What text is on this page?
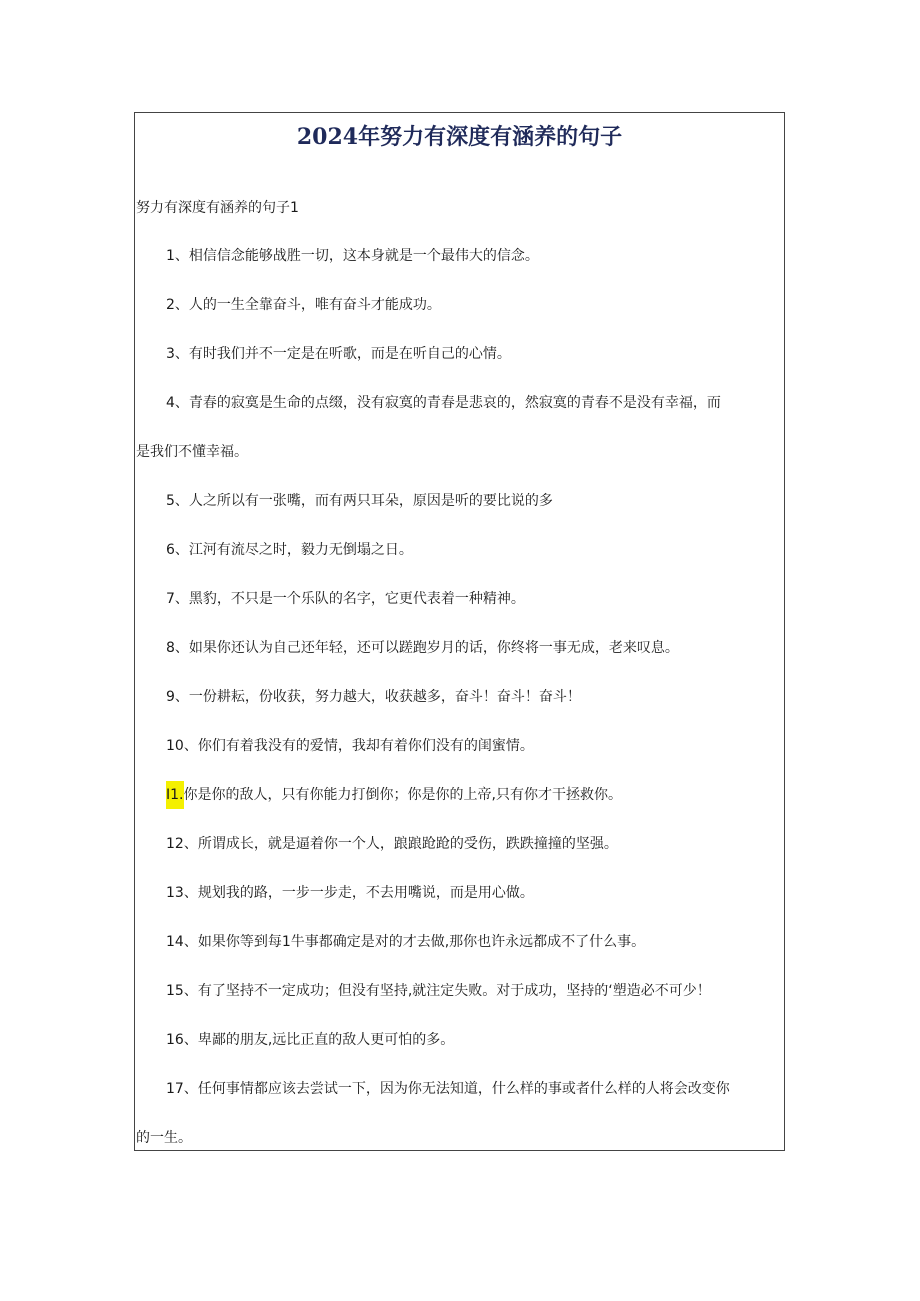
2024年努力有深度有涵养的句子

努力有深度有涵养的句子1

1、相信信念能够战胜一切，这本身就是一个最伟大的信念。

2、人的一生全靠奋斗，唯有奋斗才能成功。

3、有时我们并不一定是在听歌，而是在听自己的心情。

4、青春的寂寞是生命的点缀，没有寂寞的青春是悲哀的，然寂寞的青春不是没有幸福，而

是我们不懂幸福。

5、人之所以有一张嘴，而有两只耳朵，原因是听的要比说的多

6、江河有流尽之时，毅力无倒塌之日。

7、黑豹，不只是一个乐队的名字，它更代表着一种精神。

8、如果你还认为自己还年轻，还可以蹉跑岁月的话，你终将一事无成，老来叹息。

9、一份耕耘，份收获，努力越大，收获越多，奋斗！奋斗！奋斗！

10、你们有着我没有的爱情，我却有着你们没有的闺蜜情。

I1.你是你的敌人，只有你能力打倒你；你是你的上帝,只有你才干拯救你。

12、所谓成长，就是逼着你一个人，踉踉跄跄的受伤，跌跌撞撞的坚强。

13、规划我的路，一步一步走，不去用嘴说，而是用心做。

14、如果你等到每1牛事都确定是对的才去做,那你也许永远都成不了什么事。

15、有了坚持不一定成功；但没有坚持,就注定失败。对于成功，坚持的‘塑造必不可少！

16、卑鄙的朋友,远比正直的敌人更可怕的多。

17、任何事情都应该去尝试一下，因为你无法知道，什么样的事或者什么样的人将会改变你

的一生。
